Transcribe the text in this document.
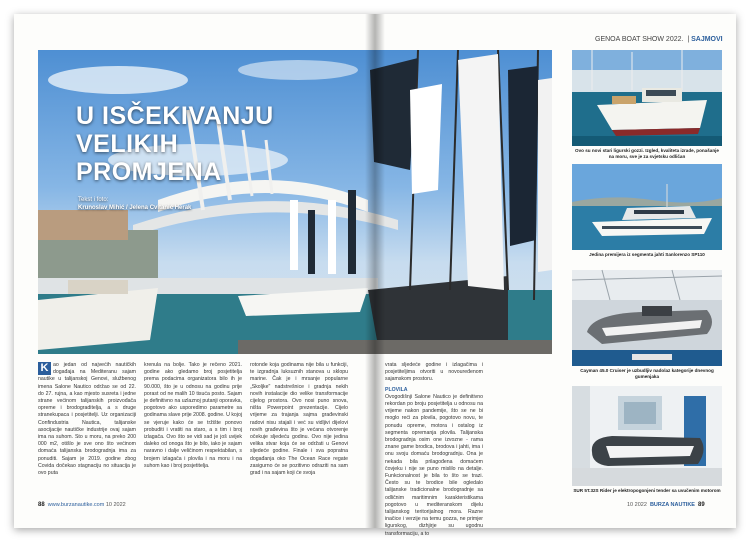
K ao jedan od najvećih nautičkih događaja na Mediteranu sajam nautike u talijanskoj Genovi, službenog imena Salone Nautico održao se od 22. do 27. rujna, a kao mjesto susreta i jedne strane većinom talijanskih proizvođača opreme i brodograditelja, a s druge stranekupaca i posjetitelji. Uz organizaciji Confindustria Nautica, talijanske asocijacije nautičke industrije ovaj sajam ima na suhom. Sto u moru, na preko 200 000 m2, otišlo je sve ono što većinom domaća talijanska brodogradnja ima za ponuditi. Sajam je 2019. godine zbog Covida dočekao stagnaciju no situacija je ovo puta
krenula na bolje. Tako je rečeno 2021. godine ako gledamo broj posjetitelja prema podacima organizatora bilo ih je 90.000, što je u odnosu na godinu prije porast od ne malih 10 tisuća posto. Sajam je definitivno na uzlaznoj putanji oporavka, pogotovo ako usporedimo parametre sa godinama slave prije 2008. godine. U kojoj se vjeruje kako će se tržište ponovo probuditi i vratiti na staro, a s tim i broj izlagača. Ovo što se vidi sad je još uvijek daleko od onoga što je bilo, iako je sajam naravno i dalje veličinom respektabilan, s brojem izlagača i plovila i na moru i na suhom kao i broj posjetitelja.
rotonde koja godinama nije bila u funkciji, te izgradnja luksuznih stanova u sklopu marine. Čak je i mrsanje popularne „Skoljke" nadstrešnice i gradnja nekih novih instalacije dio velike transformacije cijelog prostora. Ovo nosi puno snova, ništa Powerpoint prezentacije. Cijelo vrijeme za trajanja sajma građevinski radovi nisu stajali i već su vidljivi dijelovi novih građevina što je većana otvorenje očekuje sljedeću godinu. Ovo nije jedina velika stvar koja će se održati u Genovi sljedeće godine. Finale i sva popratna događanja oko The Ocean Race regate zasigurno će se pozitivno odraziti na sam grad i na sajam koji će svoja
88 www.burzanautike.com 10 2022
GENOA BOAT SHOW 2022.  | SAJMOVI
vrata sljedeće godine i izlagačima i posjetiteljima otvoriti u novouređenom sajamskom prostoru.
PLOVILA
Ovogodišnji Salone Nautico je definitivno rekordan po broju posjetitelja u odnosu na vrijeme nakon pandemije, što se ne bi moglo reći za plovila, pogotovo novu, te ponudu opreme, motora i ostalog iz segmenta opremanja plovila. Talijanska brodogradnja osim one izvozne - ramа znane game brodica, brodova i jahti, ima i onu svoju domaću brodogradnju. Ona je nekada bila prilagođena domaćem čovjeku i nije se puno mislilo na detalje. Funkcionalnost je bila to što se trazi. Često su te brodice bile ogledalo talijanske tradicionalne brodogradnje sa odličnim maritimnim karakteristikama pogotovo u mediteranskom dijelu talijanskog teritorijalnog mora. Razne inačice i verzije na temu gozza, ne primjer ligurskog, dizhjirje su ugodnu transformaciju, a to
Ovo su novi stari ligurski gozzi. Izgled, kvalitetа izrade, ponašanje na moru, sve je za svjetsku odličan
Jedina premijera iz segmenta jahti Sanlorenzo SP110
Cayman 45.0 Cruiser je uzbudljiv nadolaz kategorije dnevnog gumenjaka
SUR 5T.32S Rider je elektropogonjeni tender sa uvučenim motorom
10 2022 BURZA NAUTIKE 89
U ISČEKIVANJU
VELIKIH
PROMJENA
Tekst i foto:
Krunoslav Mihić / Jelena Cvitanić Herak
